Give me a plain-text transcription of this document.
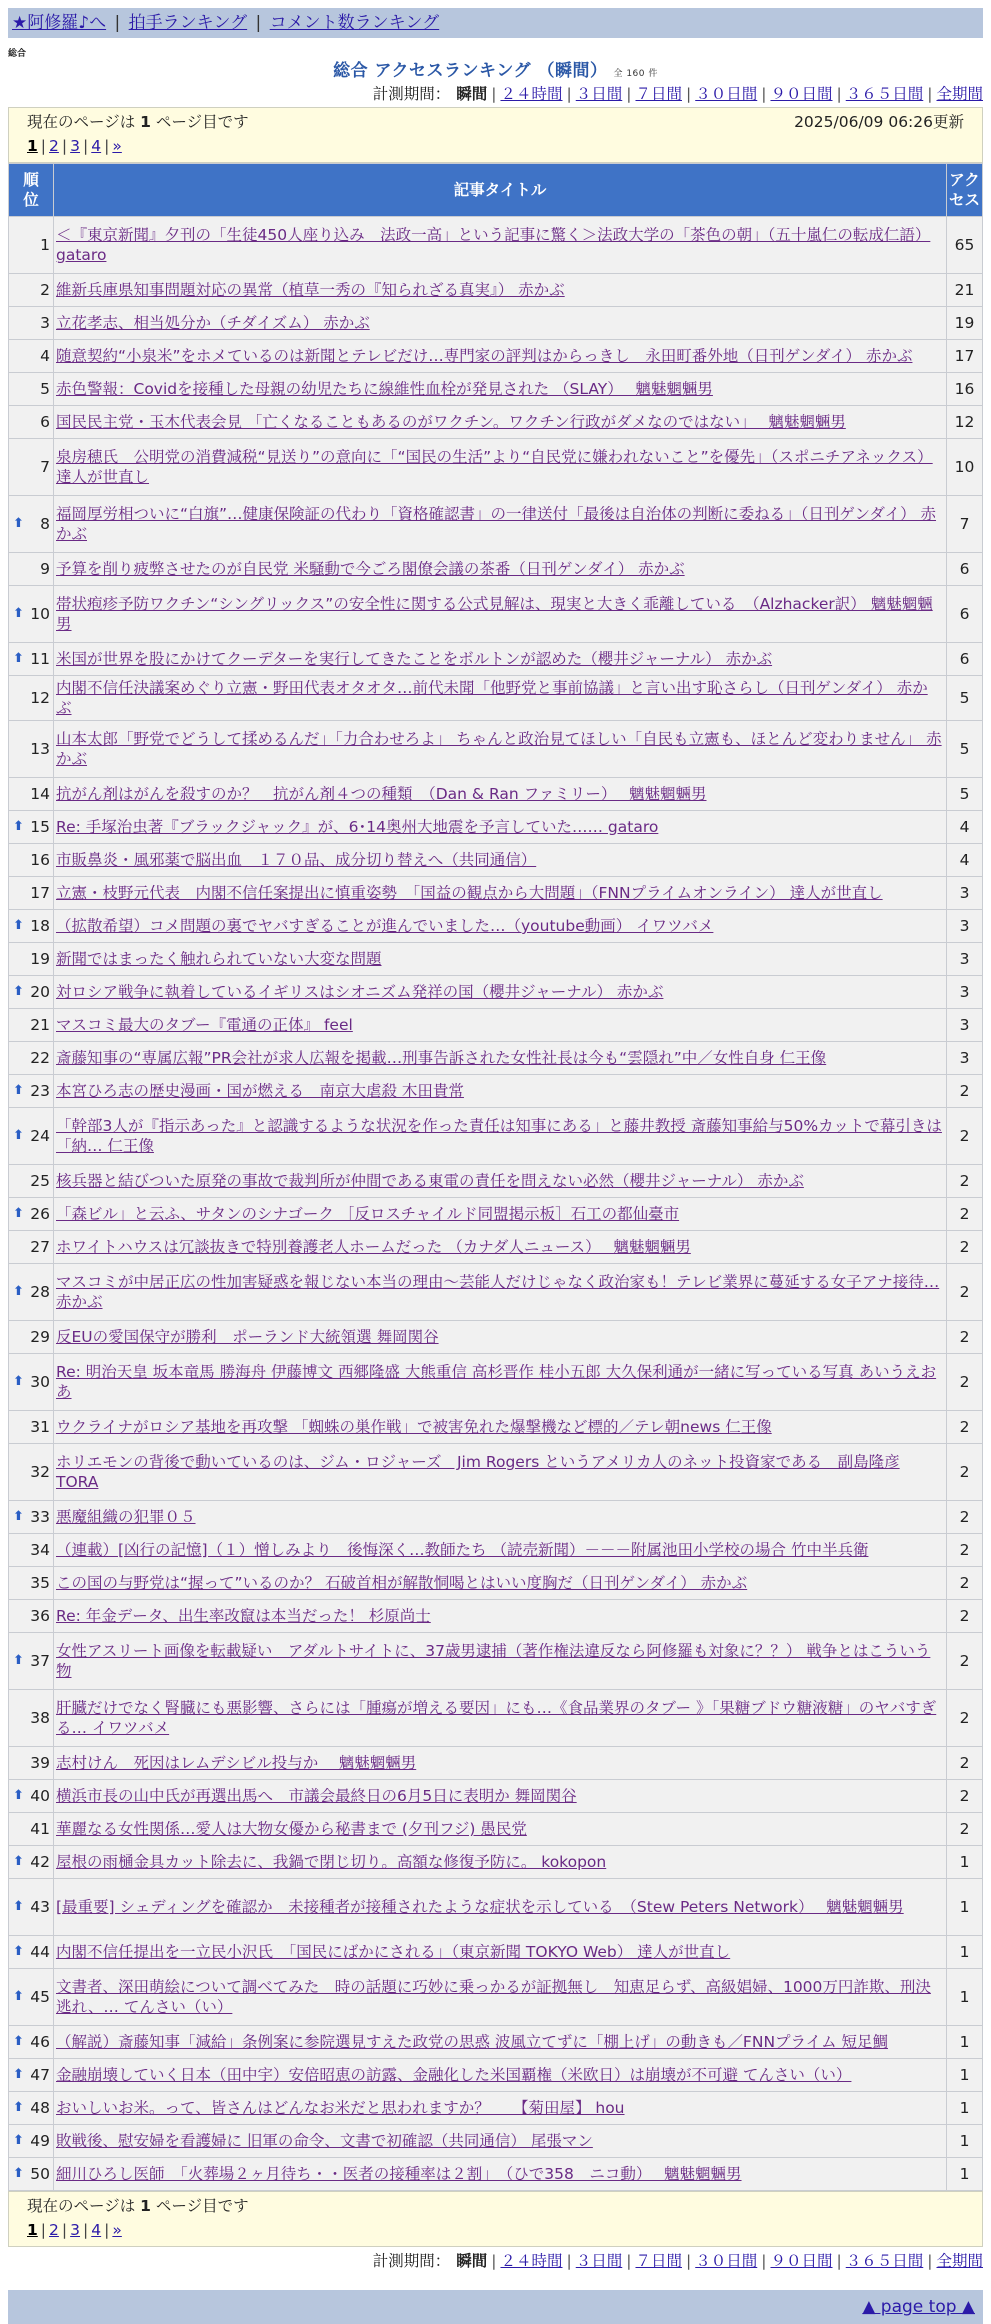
★阿修羅♪へ | 拍手ランキング | コメント数ランキング
総合
総合 アクセスランキング （瞬間） 全 160 件
計測期間： 瞬間 | ２４時間 | ３日間 | ７日間 | ３０日間 | ９０日間 | ３６５日間 | 全期間
現在のページは 1 ページ目です	2025/06/09 06:26更新
1 | 2 | 3 | 4 | »
順位	記事タイトル	アクセス
1	＜『東京新聞』夕刊の「生徒450人座り込み　法政一高」という記事に驚く＞法政大学の「茶色の朝」（五十嵐仁の転成仁語） gataro	65
2	維新兵庫県知事問題対応の異常（植草一秀の『知られざる真実』） 赤かぶ	21
3	立花孝志、相当処分か（チダイズム） 赤かぶ	19
4	随意契約“小泉米”をホメているのは新聞とテレビだけ…専門家の評判はからっきし　永田町番外地（日刊ゲンダイ） 赤かぶ	17
5	赤色警報：Covidを接種した母親の幼児たちに線維性血栓が発見された （SLAY）　 魑魅魍魎男	16
6	国民民主党・玉木代表会見 「亡くなることもあるのがワクチン。ワクチン行政がダメなのではない」　 魑魅魍魎男	12
7	泉房穂氏　公明党の消費減税“見送り”の意向に「“国民の生活”より“自民党に嫌われないこと”を優先」（スポニチアネックス） 達人が世直し	10

⬆ 8	福岡厚労相ついに“白旗”…健康保険証の代わり「資格確認書」の一律送付「最後は自治体の判断に委ねる」（日刊ゲンダイ） 赤かぶ	7
9	予算を削り疲弊させたのが自民党 米騒動で今ごろ閣僚会議の茶番（日刊ゲンダイ） 赤かぶ	6

⬆ 10	帯状疱疹予防ワクチン“シングリックス”の安全性に関する公式見解は、現実と大きく乖離している　（Alzhacker訳） 魑魅魍魎男	6

⬆ 11	米国が世界を股にかけてクーデターを実行してきたことをボルトンが認めた（櫻井ジャーナル） 赤かぶ	6
12	内閣不信任決議案めぐり立憲・野田代表オタオタ…前代未聞「他野党と事前協議」と言い出す恥さらし（日刊ゲンダイ） 赤かぶ	5
13	山本太郎「野党でどうして揉めるんだ」「力合わせろよ」 ちゃんと政治見てほしい「自民も立憲も、ほとんど変わりません」 赤かぶ	5
14	抗がん剤はがんを殺すのか？　抗がん剤４つの種類　（Dan & Ran ファミリー）　 魑魅魍魎男	5

⬆ 15	Re: 手塚治虫著『ブラックジャック』が、6･14奥州大地震を予言していた…… gataro	4
16	市販鼻炎・風邪薬で脳出血　１７０品、成分切り替えへ（共同通信）	4
17	立憲・枝野元代表　内閣不信任案提出に慎重姿勢　「国益の観点から大問題」（FNNプライムオンライン） 達人が世直し	3

⬆ 18	（拡散希望）コメ問題の裏でヤバすぎることが進んでいました…（youtube動画） イワツバメ	3
19	新聞ではまったく触れられていない大変な問題	3

⬆ 20	対ロシア戦争に執着しているイギリスはシオニズム発祥の国（櫻井ジャーナル） 赤かぶ	3
21	マスコミ最大のタブー『電通の正体』 feel	3
22	斎藤知事の“専属広報”PR会社が求人広報を掲載…刑事告訴された女性社長は今も“雲隠れ”中／女性自身 仁王像	3

⬆ 23	本宮ひろ志の歴史漫画・国が燃える　南京大虐殺 木田貴常	2

⬆ 24	「幹部3人が『指示あった』と認識するような状況を作った責任は知事にある」と藤井教授 斎藤知事給与50%カットで幕引きは「納… 仁王像	2
25	核兵器と結びついた原発の事故で裁判所が仲間である東電の責任を問えない必然（櫻井ジャーナル） 赤かぶ	2

⬆ 26	「森ビル」と云ふ、サタンのシナゴーク ［反ロスチャイルド同盟掲示板］石工の都仙臺市	2
27	ホワイトハウスは冗談抜きで特別養護老人ホームだった （カナダ人ニュース）　 魑魅魍魎男	2

⬆ 28	マスコミが中居正広の性加害疑惑を報じない本当の理由〜芸能人だけじゃなく政治家も！テレビ業界に蔓延する女子アナ接待… 赤かぶ	2
29	反EUの愛国保守が勝利　ポーランド大統領選 舞岡関谷	2

⬆ 30	Re: 明治天皇 坂本竜馬 勝海舟 伊藤博文 西郷隆盛 大熊重信 高杉晋作 桂小五郎 大久保利通が一緒に写っている写真 あいうえおあ	2
31	ウクライナがロシア基地を再攻撃 「蜘蛛の巣作戦」で被害免れた爆撃機など標的／テレ朝news 仁王像	2
32	ホリエモンの背後で動いているのは、ジム・ロジャーズ　Jim Rogers というアメリカ人のネット投資家である　副島隆彦 TORA	2

⬆ 33	悪魔組織の犯罪０５	2
34	（連載）[凶行の記憶]（１）憎しみより　後悔深く…教師たち （読売新聞）－－－附属池田小学校の場合 竹中半兵衛	2
35	この国の与野党は“握って”いるのか？ 石破首相が解散恫喝とはいい度胸だ（日刊ゲンダイ） 赤かぶ	2
36	Re: 年金データ、出生率改竄は本当だった！ 杉原尚士	2

⬆ 37	女性アスリート画像を転載疑い　アダルトサイトに、37歳男逮捕（著作権法違反なら阿修羅も対象に？？） 戦争とはこういう物	2
38	肝臓だけでなく腎臓にも悪影響、さらには「腫瘍が増える要因」にも…《食品業界のタブー 》「果糖ブドウ糖液糖」のヤバすぎる… イワツバメ	2
39	志村けん　死因はレムデシビル投与か　 魑魅魍魎男	2

⬆ 40	横浜市長の山中氏が再選出馬へ　市議会最終日の6月5日に表明か 舞岡関谷	2
41	華麗なる女性関係…愛人は大物女優から秘書まで (夕刊フジ) 愚民党	2

⬆ 42	屋根の雨樋金具カット除去に、我鍋で閉じ切り。高額な修復予防に。 kokopon	1

⬆ 43	[最重要] シェディングを確認か　未接種者が接種されたような症状を示している　（Stew Peters Network）　 魑魅魍魎男	1

⬆ 44	内閣不信任提出を一立民小沢氏　「国民にばかにされる」（東京新聞 TOKYO Web） 達人が世直し	1

⬆ 45	文書者、深田萌絵について調べてみた　時の話題に巧妙に乗っかるが証拠無し　知恵足らず、高級娼婦、1000万円詐欺、刑決逃れ、… てんさい（い）	1

⬆ 46	（解説）斎藤知事「減給」条例案に参院選見すえた政党の思惑 波風立てずに「棚上げ」の動きも／FNNプライム 短足鯛	1

⬆ 47	金融崩壊していく日本（田中宇）安倍昭恵の訪露、金融化した米国覇権（米欧日）は崩壊が不可避 てんさい（い）	1

⬆ 48	おいしいお米。って、皆さんはどんなお米だと思われますか？　　【菊田屋】 hou	1

⬆ 49	敗戦後、慰安婦を看護婦に 旧軍の命令、文書で初確認（共同通信） 尾張マン	1

⬆ 50	細川ひろし医師　「火葬場２ヶ月待ち・・医者の接種率は２割」　（ひで358　ニコ動）　 魑魅魍魎男	1
現在のページは 1 ページ目です
1 | 2 | 3 | 4 | »
計測期間： 瞬間 | ２４時間 | ３日間 | ７日間 | ３０日間 | ９０日間 | ３６５日間 | 全期間
▲ page top ▲
